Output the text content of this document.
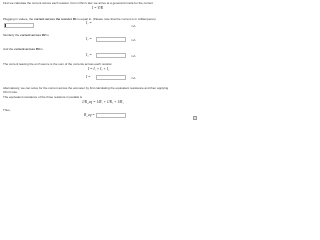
First we calculate the current across each resistor. From Ohm's law, we arrive at a general formula for the current
I = V/R
Plugging in values, the current across the resistor R1 is equal to: (Please note that the current is in milliamperes)
I₁ =
mA
Similarly the current across R2 is
I₂ =	mA
And the current across R3 is
I₃ =	mA
The current leaving the emf source is the sum of the currents across each resistor.
I = I₁ + I₂ + I₃
I =	mA
Alternatively, we can solve for the current across the ammeter by first calculating the equivalent resistance and then applying
Ohm's law.
The equivalent resistance of the three resistors in parallel is
1/R_eq = 1/R₁ + 1/R₂ + 1/R₃
Thus,
R_eq =
